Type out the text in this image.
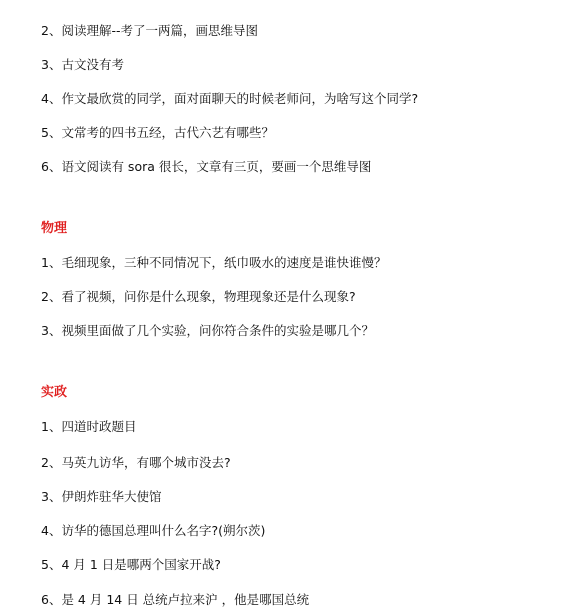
2、阅读理解--考了一两篇，画思维导图
3、古文没有考
4、作文最欣赏的同学，面对面聊天的时候老师问，为啥写这个同学?
5、文常考的四书五经，古代六艺有哪些？
6、语文阅读有 sora 很长，文章有三页，要画一个思维导图
物理
1、毛细现象，三种不同情况下，纸巾吸水的速度是谁快谁慢？
2、看了视频，问你是什么现象，物理现象还是什么现象?
3、视频里面做了几个实验，问你符合条件的实验是哪几个？
实政
1、四道时政题目
2、马英九访华，有哪个城市没去?
3、伊朗炸驻华大使馆
4、访华的德国总理叫什么名字?(朔尔茨)
5、4 月 1 日是哪两个国家开战?
6、是 4 月 14 日 总统卢拉来沪 ，他是哪国总统
